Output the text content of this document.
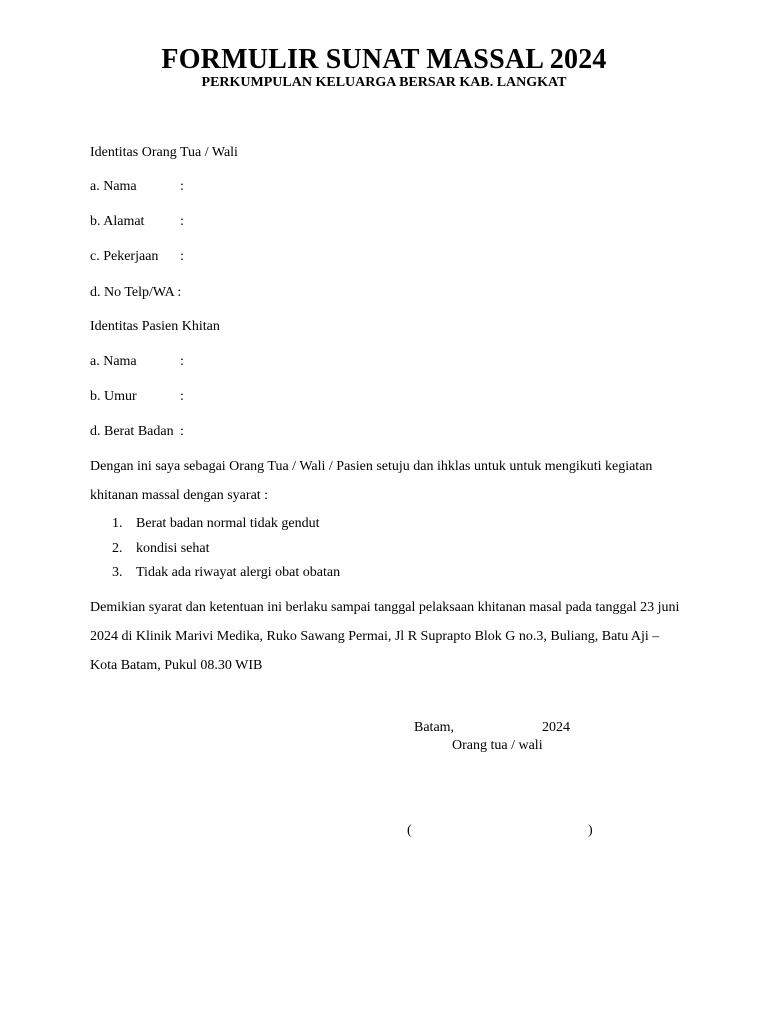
FORMULIR SUNAT MASSAL 2024
PERKUMPULAN KELUARGA BERSAR KAB. LANGKAT
Identitas Orang Tua / Wali
a. Nama	:
b. Alamat	:
c. Pekerjaan :
d. No Telp/WA :
Identitas Pasien Khitan
a. Nama	:
b. Umur	:
d. Berat Badan :
Dengan ini saya sebagai Orang Tua / Wali / Pasien setuju dan ihklas untuk untuk mengikuti kegiatan khitanan massal dengan syarat :
1. Berat badan normal tidak gendut
2. kondisi sehat
3. Tidak ada riwayat alergi obat obatan
Demikian syarat dan ketentuan ini berlaku sampai tanggal pelaksaan khitanan masal pada tanggal 23 juni 2024 di Klinik Marivi Medika, Ruko Sawang Permai, Jl R Suprapto Blok G no.3, Buliang, Batu Aji – Kota Batam, Pukul 08.30 WIB
Batam,	2024
Orang tua / wali
(	)
